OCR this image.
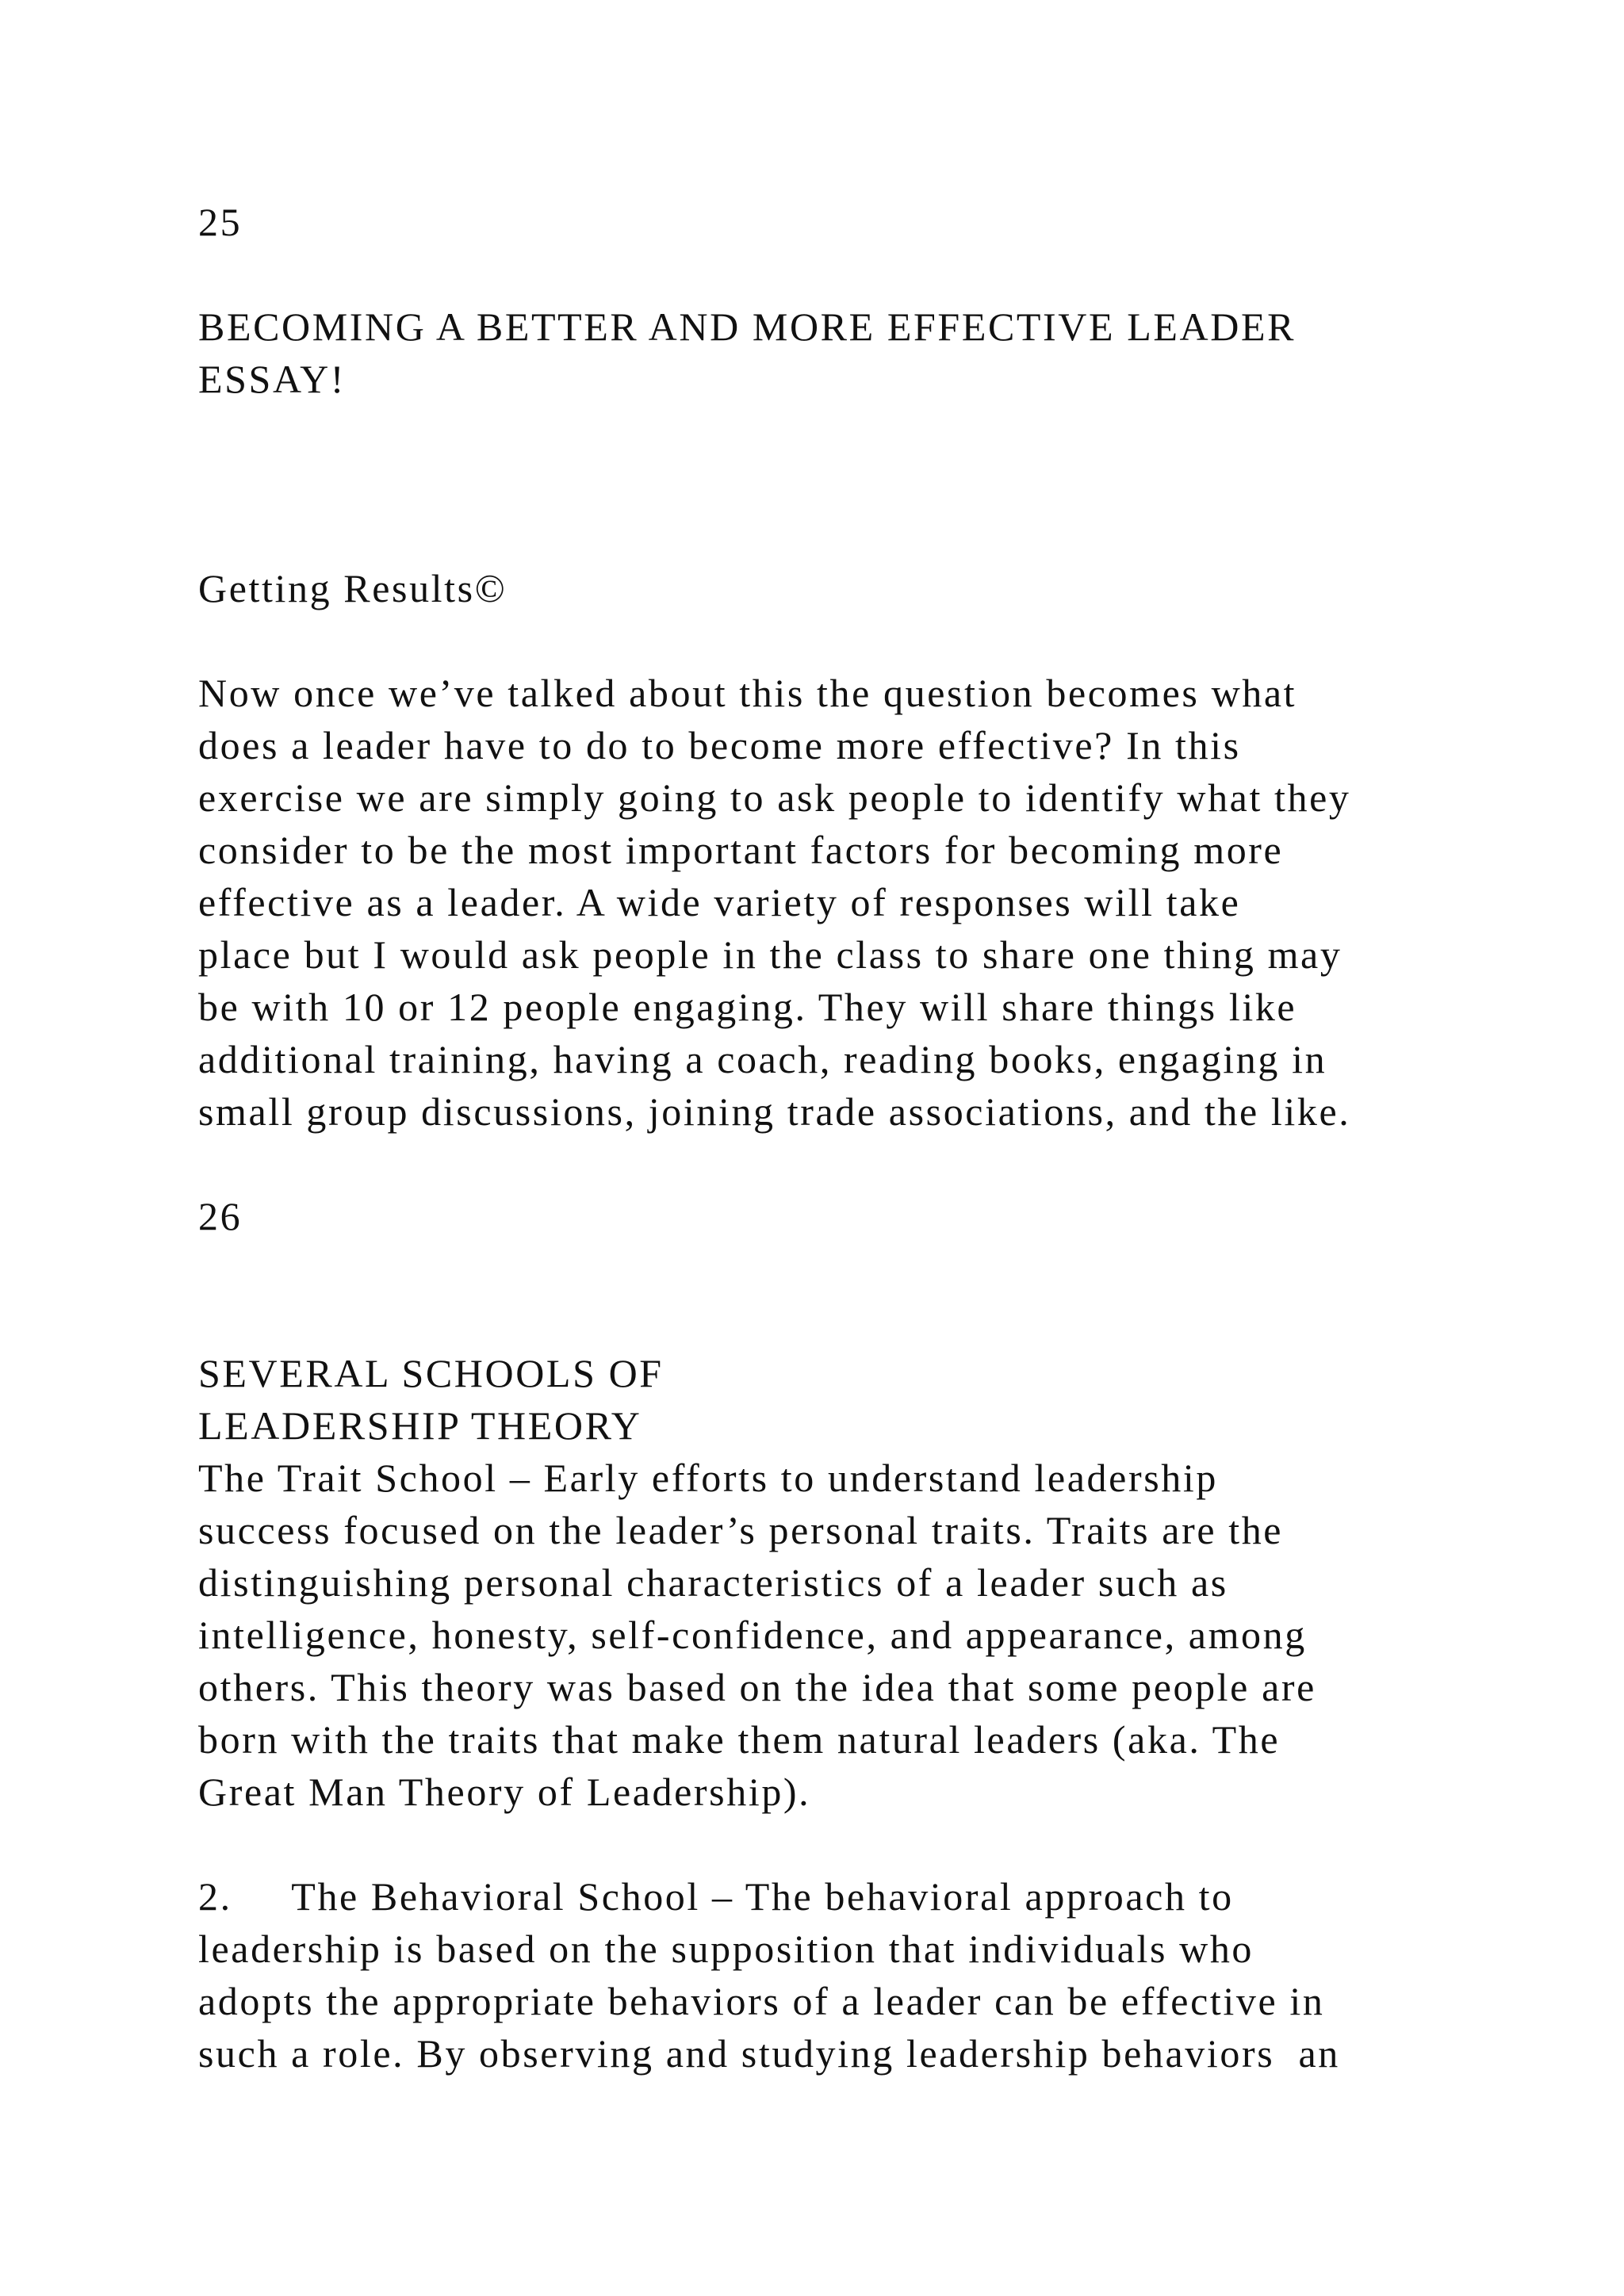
25

BECOMING A BETTER AND MORE EFFECTIVE LEADER

ESSAY!

Getting Results©

Now once we’ve talked about this the question becomes what

does a leader have to do to become more effective? In this

exercise we are simply going to ask people to identify what they

consider to be the most important factors for becoming more

effective as a leader. A wide variety of responses will take

place but I would ask people in the class to share one thing may

be with 10 or 12 people engaging. They will share things like

additional training, having a coach, reading books, engaging in

small group discussions, joining trade associations, and the like.

26

SEVERAL SCHOOLS OF

LEADERSHIP THEORY

The Trait School – Early efforts to understand leadership

success focused on the leader’s personal traits. Traits are the

distinguishing personal characteristics of a leader such as

intelligence, honesty, self-confidence, and appearance, among

others. This theory was based on the idea that some people are

born with the traits that make them natural leaders (aka. The

Great Man Theory of Leadership).

2.     The Behavioral School – The behavioral approach to

leadership is based on the supposition that individuals who

adopts the appropriate behaviors of a leader can be effective in

such a role. By observing and studying leadership behaviors  an
